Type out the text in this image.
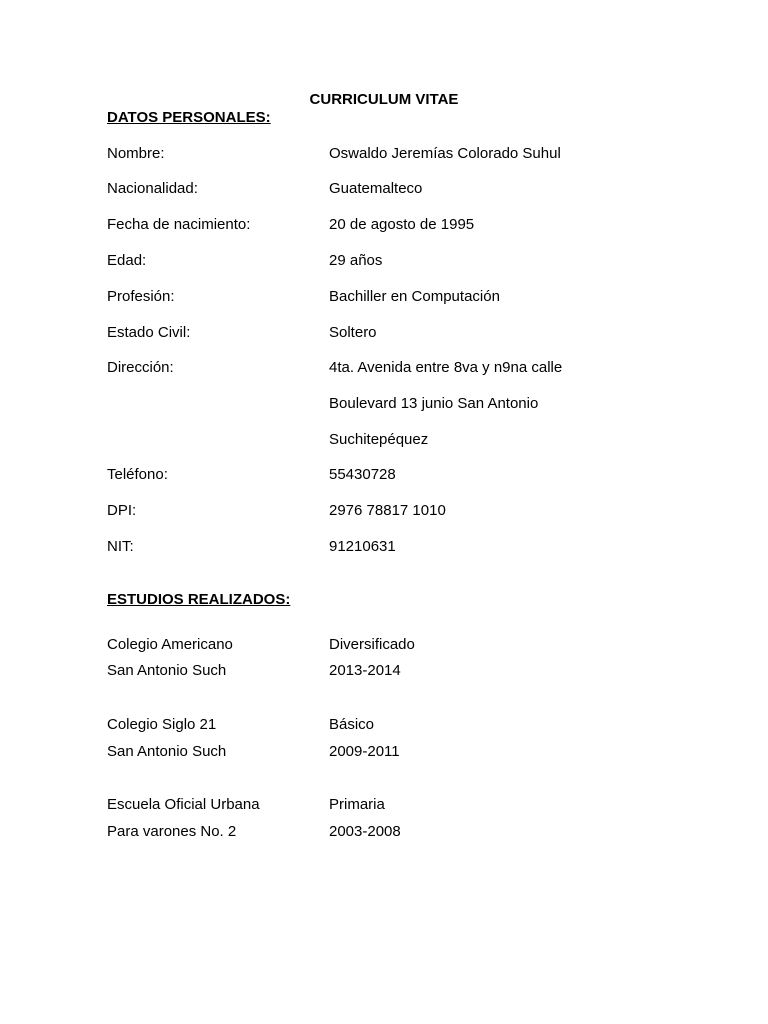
CURRICULUM VITAE
DATOS PERSONALES:
Nombre:	Oswaldo Jeremías Colorado Suhul
Nacionalidad:	Guatemalteco
Fecha de nacimiento:	20 de agosto de 1995
Edad:	29 años
Profesión:	Bachiller en Computación
Estado Civil:	Soltero
Dirección:	4ta. Avenida entre 8va y n9na calle
Boulevard 13 junio San Antonio
Suchitepéquez
Teléfono:	55430728
DPI:	2976 78817 1010
NIT:	91210631
ESTUDIOS REALIZADOS:
Colegio Americano	Diversificado
San Antonio Such	2013-2014
Colegio Siglo 21	Básico
San Antonio Such	2009-2011
Escuela Oficial Urbana	Primaria
Para varones No. 2	2003-2008
